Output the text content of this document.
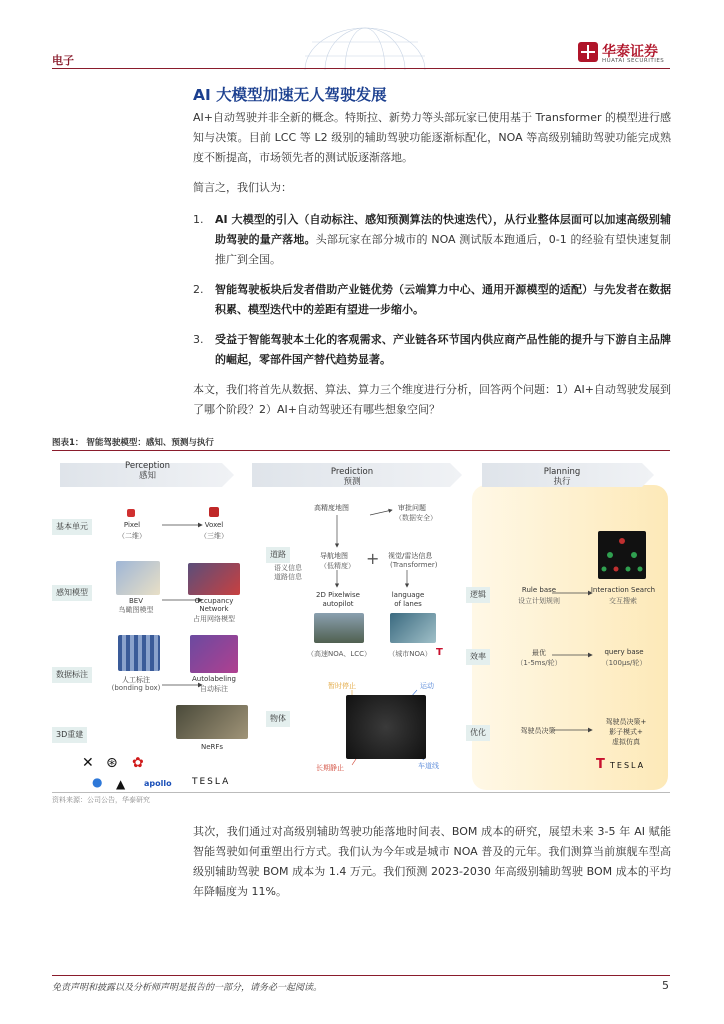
电子
华泰证券
HUATAI SECURITIES
AI 大模型加速无人驾驶发展
AI+自动驾驶并非全新的概念。特斯拉、新势力等头部玩家已使用基于 Transformer 的模型进行感知与决策。目前 LCC 等 L2 级别的辅助驾驶功能逐渐标配化，NOA 等高级别辅助驾驶功能完成熟度不断提高，市场领先者的测试版逐渐落地。
简言之，我们认为：
1. AI 大模型的引入（自动标注、感知预测算法的快速迭代），从行业整体层面可以加速高级别辅助驾驶的量产落地。头部玩家在部分城市的 NOA 测试版本跑通后，0-1 的经验有望快速复制推广到全国。
2. 智能驾驶板块后发者借助产业链优势（云端算力中心、通用开源模型的适配）与先发者在数据积累、模型迭代中的差距有望进一步缩小。
3. 受益于智能驾驶本土化的客观需求、产业链各环节国内供应商产品性能的提升与下游自主品牌的崛起，零部件国产替代趋势显著。
本文，我们将首先从数据、算法、算力三个维度进行分析，回答两个问题：1）AI+自动驾驶发展到了哪个阶段？2）AI+自动驾驶还有哪些想象空间？
图表1： 智能驾驶模型：感知、预测与执行
Perception
感知	Prediction
预测
Planning
执行
基本单元
感知模型
数据标注
3D重建
Pixel
（二维）
Voxel
（三维）
BEV
鸟瞰图模型
Occupancy
Network
占用网络模型
人工标注
(bonding box)
Autolabeling
自动标注
NeRFs
✕ ⊛ ✿
● ▲ apollo TESLA
高精度地图	审批问题
（数据安全）
道路
语义信息
道路信息
导航地图
（低精度） + 视觉/雷达信息
(Transformer)
2D Pixelwise
autopilot
language
of lanes
（高速NOA、LCC）	（城市NOA） T
物体
暂时停止	运动
长期静止	车道线
逻辑
效率
优化
Rule base
设立计划规则
Interaction Search
交互搜索
最优
（1-5ms/轮）
query base
（100μs/轮）
驾驶员决策
驾驶员决策+
影子模式+
虚拟仿真
T TESLA
资料来源：公司公告，华泰研究
其次，我们通过对高级别辅助驾驶功能落地时间表、BOM 成本的研究，展望未来 3-5 年 AI 赋能智能驾驶如何重塑出行方式。我们认为今年或是城市 NOA 普及的元年。我们测算当前旗舰车型高级别辅助驾驶 BOM 成本为 1.4 万元。我们预测 2023-2030 年高级别辅助驾驶 BOM 成本的平均年降幅度为 11%。
免责声明和披露以及分析师声明是报告的一部分，请务必一起阅读。	5
